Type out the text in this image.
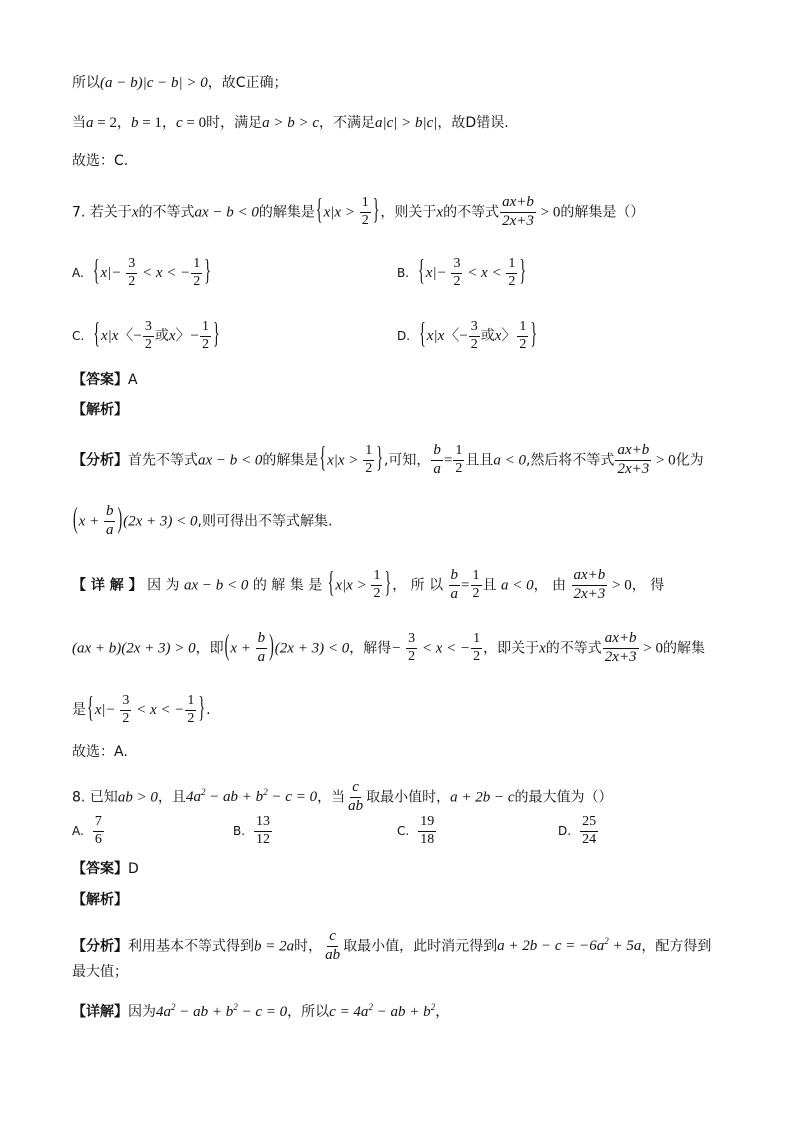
所以(a − b)|c − b| > 0，故C正确；
当a = 2，b = 1，c = 0时，满足a > b > c，不满足a|c| > b|c|，故D错误.
故选：C.
7. 若关于x的不等式ax − b < 0的解集是{$x|x > \frac{1}{2}$ }，则关于x的不等式 $\frac{ax+b}{2x+3} > 0$的解集是（）
A. {$x|- \frac{3}{2} < x$ < − $\frac{1}{2}$ }	B. {$x|- \frac{3}{2} < x < \frac{1}{2}$ }
C. {x|x〈− $\frac{3}{2}$ 或x〉− $\frac{1}{2}$ }	D. {x|x〈− $\frac{3}{2}$ 或x〉 $\frac{1}{2}$ }
【答案】A
【解析】
【分析】首先不等式ax − b < 0的解集是{$x|x > \frac{1}{2}$ },可知， $\frac{b}{a} = \frac{1}{2}$ 且且a < 0,然后将不等式 $\frac{ax+b}{2x+3} > 0$化为
$(x + \frac{b}{a} )(2x + 3) < 0$,则可得出不等式解集.
【 详 解 】 因 为 ax − b < 0 的 解 集 是 {$x|x > \frac{1}{2}$ }， 所 以 $\frac{b}{a} = \frac{1}{2}$ 且 a < 0， 由 $\frac{ax+b}{2x+3} > 0$， 得
(ax + b)(2x + 3) > 0，即$(x + \frac{b}{a} )(2x + 3) < 0$，解得− $\frac{3}{2} < x$ < − $\frac{1}{2}$ ，即关于x的不等式 $\frac{ax+b}{2x+3} > 0$的解集
是{$x|- \frac{3}{2} < x$ < − $\frac{1}{2}$ }.
故选：A.
8. 已知ab > 0，且$4a^2$ − ab + $b^2 - c = 0$，当 $\frac{c}{ab}$ 取最小值时，a + 2b − c的最大值为（）
A. $\frac{7}{6}$	B. $\frac{13}{12}$	C. $\frac{19}{18}$	D. $\frac{25}{24}$
【答案】D
【解析】
【分析】利用基本不等式得到b = 2a时， $\frac{c}{ab}$ 取最小值，此时消元得到$a + 2b - c = -6a^2 + 5a$，配方得到
最大值；
【详解】因为$4a^2$ − ab + $b^2 - c = 0$，所以$c = 4a^2$ − ab + $b^2$，
